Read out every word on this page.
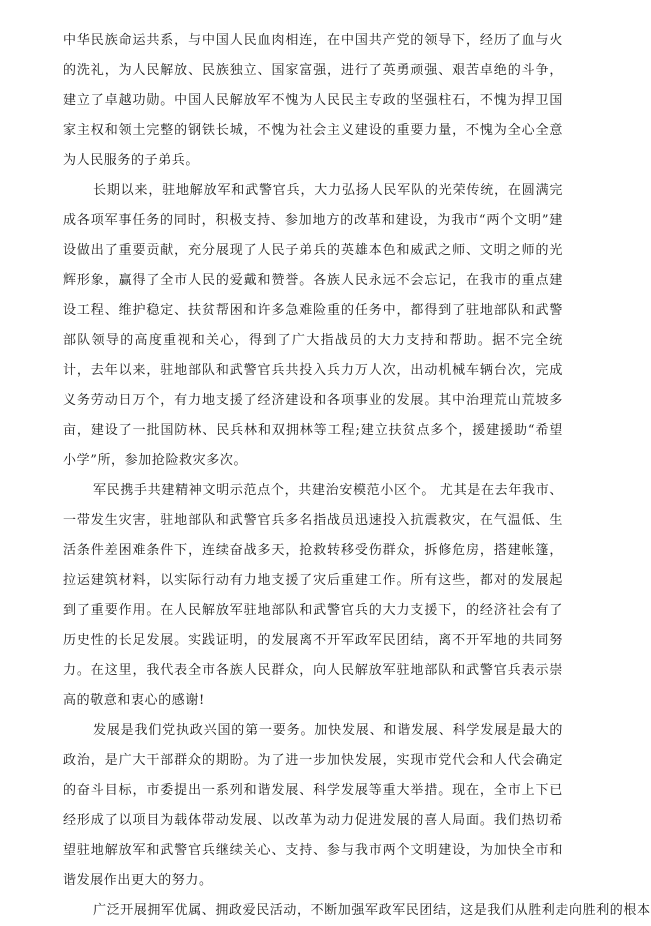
中华民族命运共系，与中国人民血肉相连，在中国共产党的领导下，经历了血与火的洗礼，为人民解放、民族独立、国家富强，进行了英勇顽强、艰苦卓绝的斗争，建立了卓越功勋。中国人民解放军不愧为人民民主专政的坚强柱石，不愧为捍卫国家主权和领土完整的钢铁长城，不愧为社会主义建设的重要力量，不愧为全心全意为人民服务的子弟兵。

长期以来，驻地解放军和武警官兵，大力弘扬人民军队的光荣传统，在圆满完成各项军事任务的同时，积极支持、参加地方的改革和建设，为我市“两个文明”建设做出了重要贡献，充分展现了人民子弟兵的英雄本色和威武之师、文明之师的光辉形象，赢得了全市人民的爱戴和赞誉。各族人民永远不会忘记，在我市的重点建设工程、维护稳定、扶贫帮困和许多急难险重的任务中，都得到了驻地部队和武警部队领导的高度重视和关心，得到了广大指战员的大力支持和帮助。据不完全统计，去年以来，驻地部队和武警官兵共投入兵力万人次，出动机械车辆台次，完成义务劳动日万个，有力地支援了经济建设和各项事业的发展。其中治理荒山荒坡多亩，建设了一批国防林、民兵林和双拥林等工程;建立扶贫点多个，援建援助“希望小学”所，参加抢险救灾多次。

军民携手共建精神文明示范点个，共建治安模范小区个。 尤其是在去年我市、一带发生灾害，驻地部队和武警官兵多名指战员迅速投入抗震救灾，在气温低、生活条件差困难条件下，连续奋战多天，抢救转移受伤群众，拆修危房，搭建帐篷，拉运建筑材料，以实际行动有力地支援了灾后重建工作。所有这些，都对的发展起到了重要作用。在人民解放军驻地部队和武警官兵的大力支援下，的经济社会有了历史性的长足发展。实践证明，的发展离不开军政军民团结，离不开军地的共同努力。在这里，我代表全市各族人民群众，向人民解放军驻地部队和武警官兵表示崇高的敬意和衷心的感谢!

发展是我们党执政兴国的第一要务。加快发展、和谐发展、科学发展是最大的政治，是广大干部群众的期盼。为了进一步加快发展，实现市党代会和人代会确定的奋斗目标，市委提出一系列和谐发展、科学发展等重大举措。现在，全市上下已经形成了以项目为载体带动发展、以改革为动力促进发展的喜人局面。我们热切希望驻地解放军和武警官兵继续关心、支持、参与我市两个文明建设，为加快全市和谐发展作出更大的努力。

广泛开展拥军优属、拥政爱民活动，不断加强军政军民团结，这是我们从胜利走向胜利的根本
